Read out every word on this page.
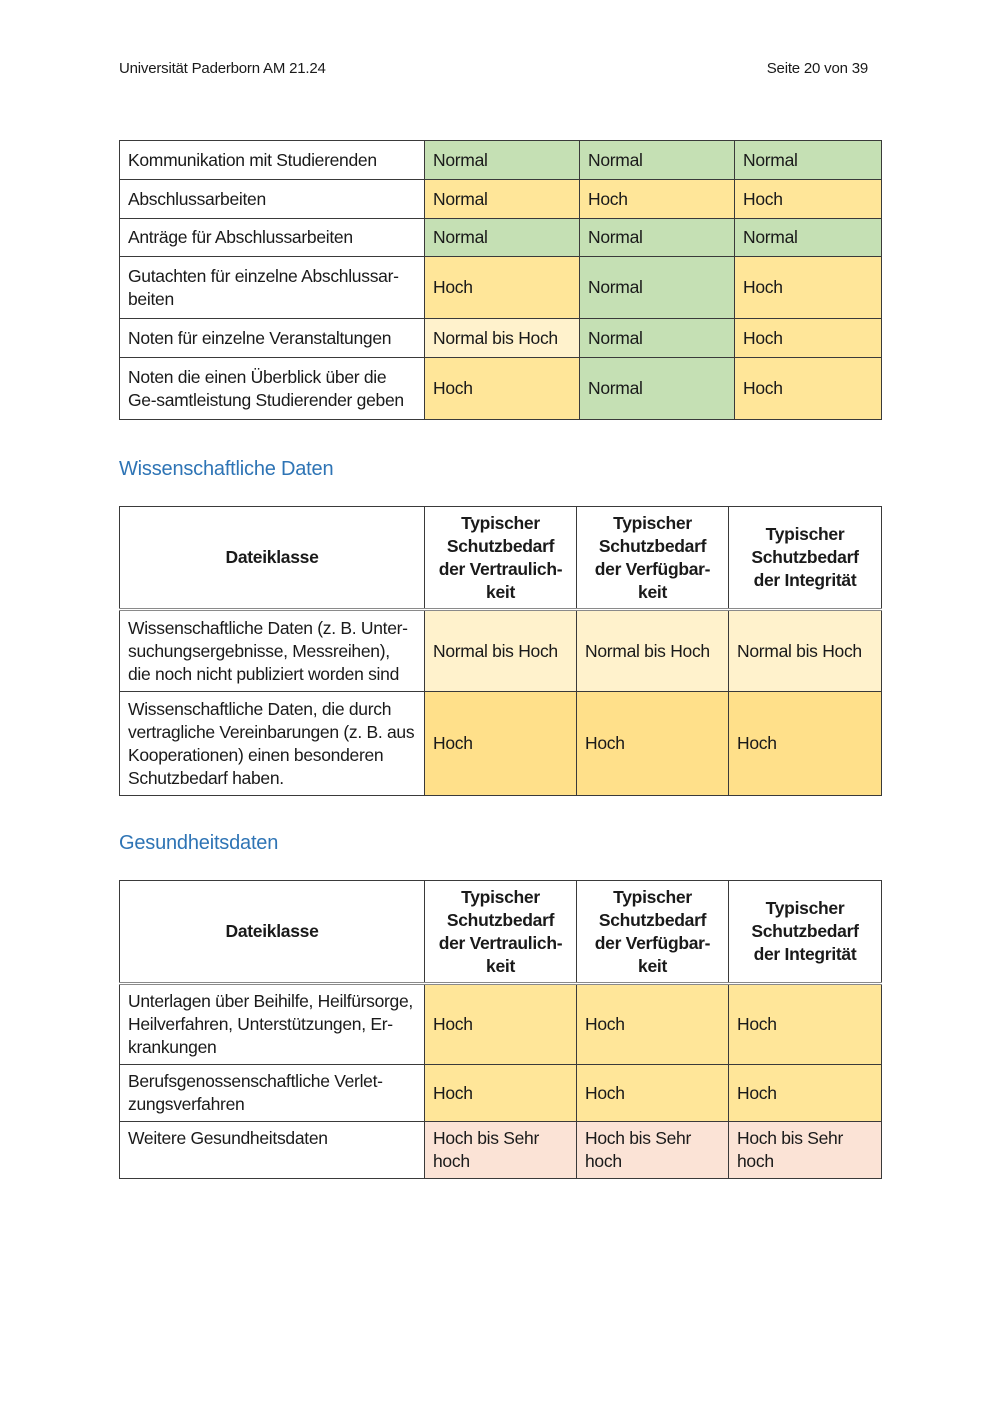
Universität Paderborn AM 21.24	Seite 20 von 39
Kommunikation mit Studierenden	Normal	Normal	Normal
Abschlussarbeiten	Normal	Hoch	Hoch
Anträge für Abschlussarbeiten	Normal	Normal	Normal
Gutachten für einzelne Abschlussar-beiten	Hoch	Normal	Hoch
Noten für einzelne Veranstaltungen	Normal bis Hoch	Normal	Hoch
Noten die einen Überblick über die Ge-samtleistung Studierender geben	Hoch	Normal	Hoch
Wissenschaftliche Daten
Dateiklasse	Typischer Schutzbedarf der Vertraulich-keit	Typischer Schutzbedarf der Verfügbar-keit	Typischer Schutzbedarf der Integrität
Wissenschaftliche Daten (z. B. Unter-suchungsergebnisse, Messreihen), die noch nicht publiziert worden sind	Normal bis Hoch	Normal bis Hoch	Normal bis Hoch
Wissenschaftliche Daten, die durch vertragliche Vereinbarungen (z. B. aus Kooperationen) einen besonderen Schutzbedarf haben.	Hoch	Hoch	Hoch
Gesundheitsdaten
Dateiklasse	Typischer Schutzbedarf der Vertraulich-keit	Typischer Schutzbedarf der Verfügbar-keit	Typischer Schutzbedarf der Integrität
Unterlagen über Beihilfe, Heilfürsorge, Heilverfahren, Unterstützungen, Er-krankungen	Hoch	Hoch	Hoch
Berufsgenossenschaftliche Verlet-zungsverfahren	Hoch	Hoch	Hoch
Weitere Gesundheitsdaten	Hoch bis Sehr hoch	Hoch bis Sehr hoch	Hoch bis Sehr hoch
